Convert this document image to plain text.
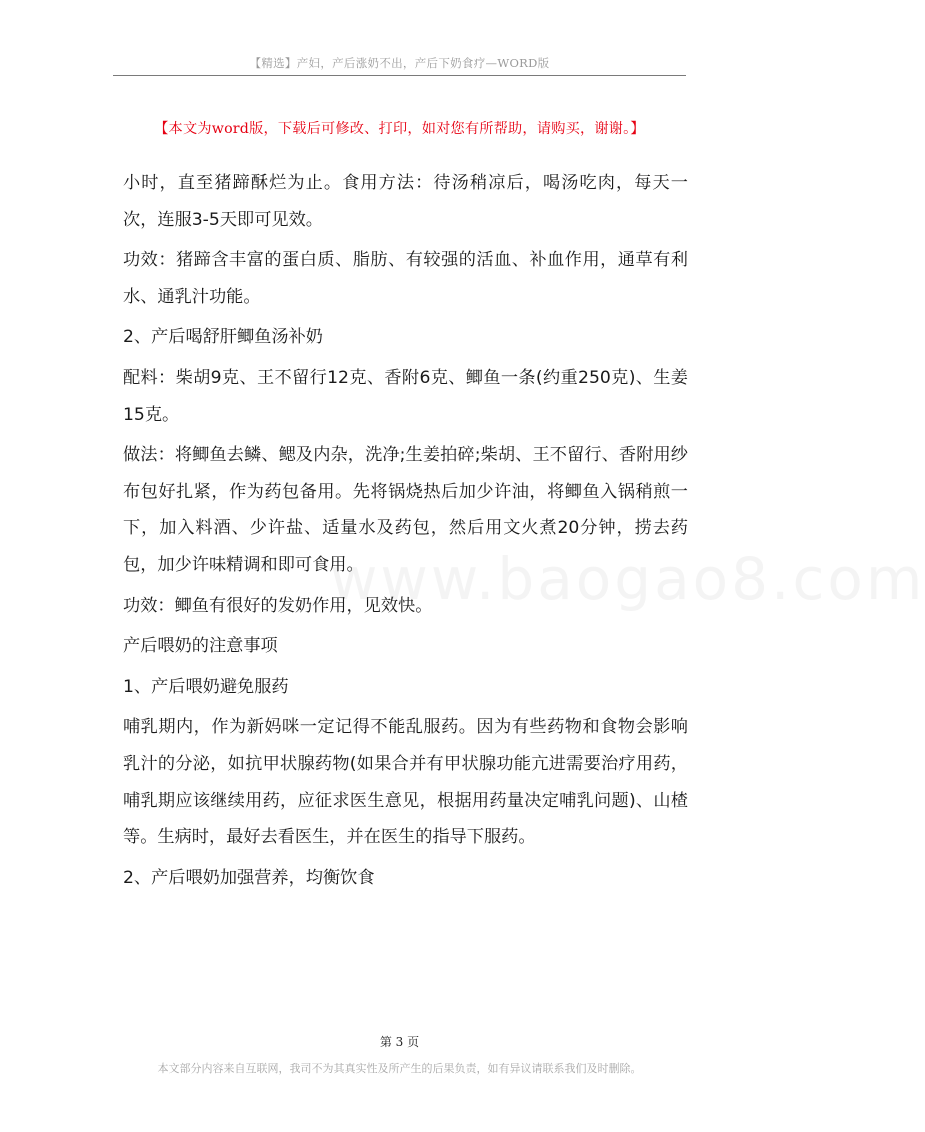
【精选】产妇，产后涨奶不出，产后下奶食疗—WORD版
【本文为word版，下载后可修改、打印，如对您有所帮助，请购买，谢谢。】
www.baogao8.com

小时，直至猪蹄酥烂为止。食用方法：待汤稍凉后，喝汤吃肉，每天一次，连服3-5天即可见效。

功效：猪蹄含丰富的蛋白质、脂肪、有较强的活血、补血作用，通草有利水、通乳汁功能。

2、产后喝舒肝鲫鱼汤补奶

配料：柴胡9克、王不留行12克、香附6克、鲫鱼一条(约重250克)、生姜15克。

做法：将鲫鱼去鳞、鳃及内杂，洗净;生姜拍碎;柴胡、王不留行、香附用纱布包好扎紧，作为药包备用。先将锅烧热后加少许油，将鲫鱼入锅稍煎一下，加入料酒、少许盐、适量水及药包，然后用文火煮20分钟，捞去药包，加少许味精调和即可食用。

功效：鲫鱼有很好的发奶作用，见效快。

产后喂奶的注意事项

1、产后喂奶避免服药

哺乳期内，作为新妈咪一定记得不能乱服药。因为有些药物和食物会影响乳汁的分泌，如抗甲状腺药物(如果合并有甲状腺功能亢进需要治疗用药，哺乳期应该继续用药，应征求医生意见，根据用药量决定哺乳问题)、山楂等。生病时，最好去看医生，并在医生的指导下服药。

2、产后喂奶加强营养，均衡饮食

第 3 页
本文部分内容来自互联网，我司不为其真实性及所产生的后果负责，如有异议请联系我们及时删除。
